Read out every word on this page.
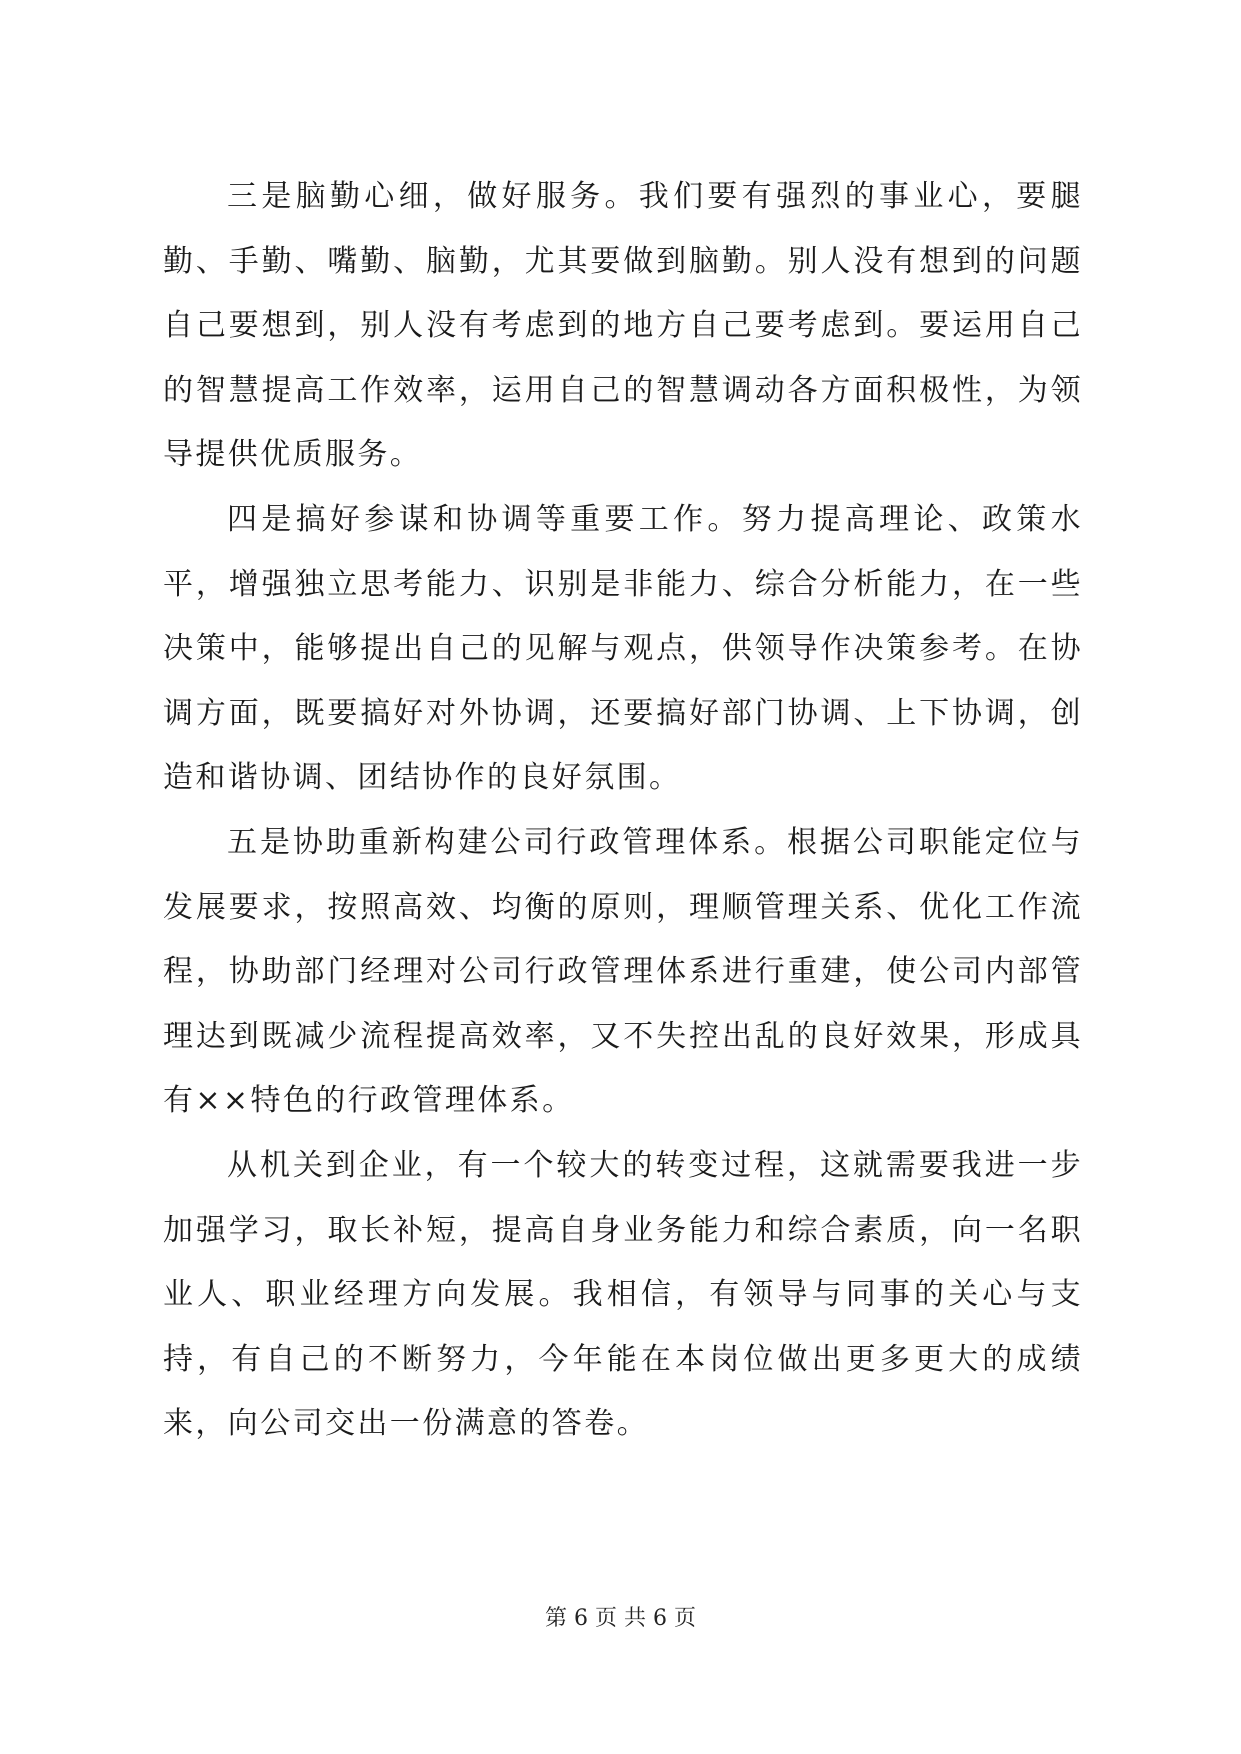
三是脑勤心细，做好服务。我们要有强烈的事业心，要腿勤、手勤、嘴勤、脑勤，尤其要做到脑勤。别人没有想到的问题自己要想到，别人没有考虑到的地方自己要考虑到。要运用自己的智慧提高工作效率，运用自己的智慧调动各方面积极性，为领导提供优质服务。

四是搞好参谋和协调等重要工作。努力提高理论、政策水平，增强独立思考能力、识别是非能力、综合分析能力，在一些决策中，能够提出自己的见解与观点，供领导作决策参考。在协调方面，既要搞好对外协调，还要搞好部门协调、上下协调，创造和谐协调、团结协作的良好氛围。

五是协助重新构建公司行政管理体系。根据公司职能定位与发展要求，按照高效、均衡的原则，理顺管理关系、优化工作流程，协助部门经理对公司行政管理体系进行重建，使公司内部管理达到既减少流程提高效率，又不失控出乱的良好效果，形成具有××特色的行政管理体系。

从机关到企业，有一个较大的转变过程，这就需要我进一步加强学习，取长补短，提高自身业务能力和综合素质，向一名职业人、职业经理方向发展。我相信，有领导与同事的关心与支持，有自己的不断努力，今年能在本岗位做出更多更大的成绩来，向公司交出一份满意的答卷。

第 6 页 共 6 页
